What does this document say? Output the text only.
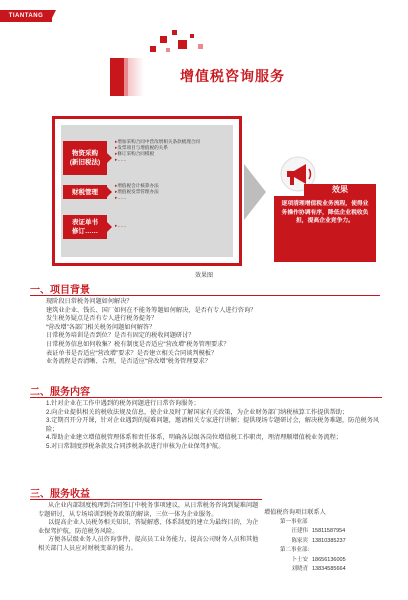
TIANTANG
增值税咨询服务
物资采购
(新旧税法)
▸ 增加采购合同中营改增相关条款梳理合同
▸ 发票项目与增值税的关系
▸ 修订采购合同模板
▸ ……
财税管理
▸ 增值税会计核算办法
▸ 增值税发票管理办法
▸ ……
表证单书
修订……
▸ ……
效果
逐项清理增值税业务流程，使得业务操作协调有序，降低企业税收负担，提高企业竞争力。
效果图
一、项目背景

现阶段日常税务问题如何解决？

建筑业企业、钱长、国厂如何在不能务筹题如何解决，是否有专人进行咨询？

发生税务疑点是否有专人进行税务提务？

“营改增”各部门相关税务问题如何解答？

日常税务培训是否到位？是否有固定的税收问题研讨？

日常税务信息如何收集？税有制度是否适应“营改增”税务管理要求？

表证单书是否适应“营改增”要求？是否建立相关合同谈判模板？

业务流程是否清晰、合理，是否适应“营改增”税务管理要求？

二、服务内容

1.针对企业在工作中遇到的税务问题进行日常咨询服务；

2.向企业提供相关的税收法规及信息，使企业及时了解国家有关政策，为企业财务部门纳税核算工作提供帮助；

3.定期召开分开课，针对企业遇到的疑难问题，邀请相关专家进行讲解；提供现场专题研讨会，解决税务难题，防范税务风险；

4.帮助企业建立增值税管理体系和责任体系，明确各层级各岗位增值税工作职责，理清理顺增值税业务流程；

5.对日常制度涉税条款及合同涉税条款进行审核为企业保驾护航。

三、服务收益

从企业内部制度梳理到合同签订中税务事项建议，从日常税务咨询到疑难问题专题研讨，从专场培训到税务政策的解读，三位一体为企业服务。

以提高企业人员税务相关知识、答疑解惑、体系制度的建立为最终目的，为企业保驾护航，防范税务风险。

方便各层级业务人员咨询事件，提高员工业务能力，提高公司财务人员和其他相关部门人员应对财税变革的能力。

增值税咨询项目联系人
第一事业部
汪建伟 15811587954
陈家宾 13810385237
第二事业部：
卜士安 18656136005
刘晓青 13834585664
